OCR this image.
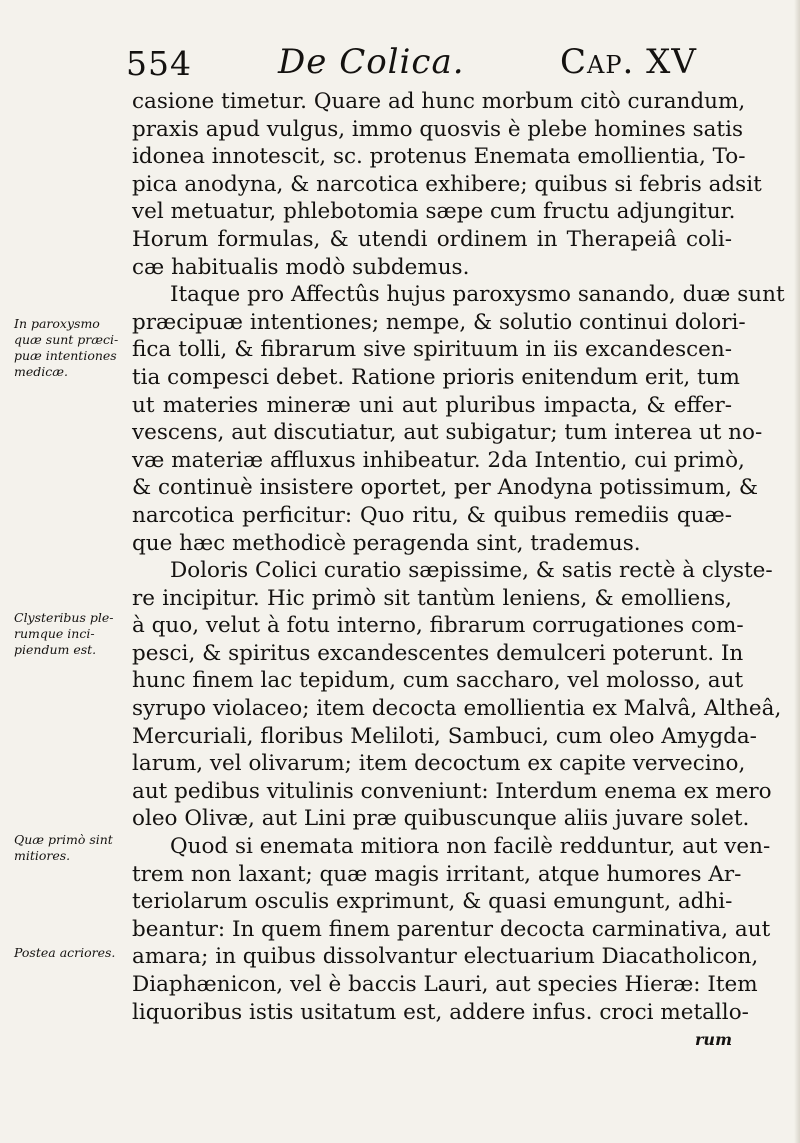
554	De Colica.	Cap. XV
In paroxysmo
quæ sunt præci-
puæ intentiones
medicæ.
Clysteribus ple-
rumque inci-
piendum est.
Quæ primò sint
mitiores.
Postea acriores.
casione timetur. Quare ad hunc morbum citò curandum,
praxis apud vulgus, immo quosvis è plebe homines satis
idonea innotescit, sc. protenus Enemata emollientia, To-
pica anodyna, & narcotica exhibere; quibus si febris adsit
vel metuatur, phlebotomia sæpe cum fructu adjungitur.
Horum formulas, & utendi ordinem in Therapeiâ coli-
cæ habitualis modò subdemus.
Itaque pro Affectûs hujus paroxysmo sanando, duæ sunt
præcipuæ intentiones; nempe, & solutio continui dolori-
fica tolli, & fibrarum sive spirituum in iis excandescen-
tia compesci debet. Ratione prioris enitendum erit, tum
ut materies mineræ uni aut pluribus impacta, & effer-
vescens, aut discutiatur, aut subigatur; tum interea ut no-
væ materiæ affluxus inhibeatur. 2da Intentio, cui primò,
& continuè insistere oportet, per Anodyna potissimum, &
narcotica perficitur: Quo ritu, & quibus remediis quæ-
que hæc methodicè peragenda sint, trademus.
Doloris Colici curatio sæpissime, & satis rectè à clyste-
re incipitur. Hic primò sit tantùm leniens, & emolliens,
à quo, velut à fotu interno, fibrarum corrugationes com-
pesci, & spiritus excandescentes demulceri poterunt. In
hunc finem lac tepidum, cum saccharo, vel molosso, aut
syrupo violaceo; item decocta emollientia ex Malvâ, Altheâ,
Mercuriali, floribus Meliloti, Sambuci, cum oleo Amygda-
larum, vel olivarum; item decoctum ex capite vervecino,
aut pedibus vitulinis conveniunt: Interdum enema ex mero
oleo Olivæ, aut Lini præ quibuscunque aliis juvare solet.
Quod si enemata mitiora non facilè redduntur, aut ven-
trem non laxant; quæ magis irritant, atque humores Ar-
teriolarum osculis exprimunt, & quasi emungunt, adhi-
beantur: In quem finem parentur decocta carminativa, aut
amara; in quibus dissolvantur electuarium Diacatholicon,
Diaphænicon, vel è baccis Lauri, aut species Hieræ: Item
liquoribus istis usitatum est, addere infus. croci metallo-
rum
